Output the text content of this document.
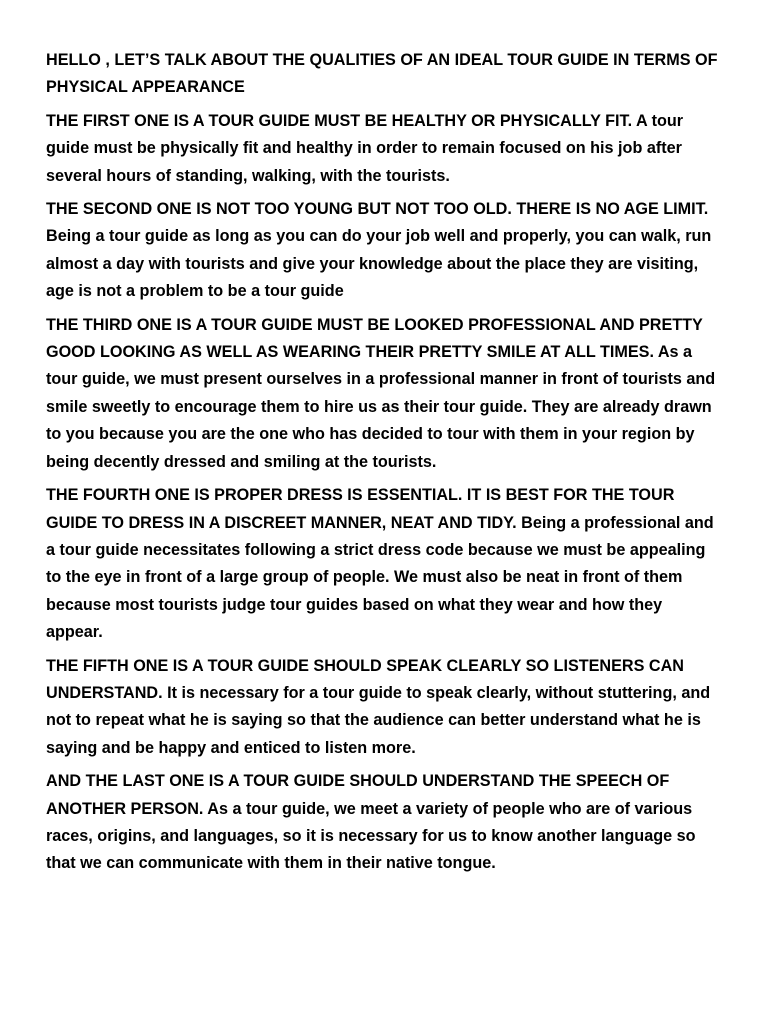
HELLO , LET’S TALK ABOUT THE QUALITIES OF AN IDEAL TOUR GUIDE IN TERMS OF PHYSICAL APPEARANCE

THE FIRST ONE IS A TOUR GUIDE MUST BE HEALTHY OR PHYSICALLY FIT. A tour guide must be physically fit and healthy in order to remain focused on his job after several hours of standing, walking, with the tourists.

THE SECOND ONE IS NOT TOO YOUNG BUT NOT TOO OLD. THERE IS NO AGE LIMIT. Being a tour guide as long as you can do your job well and properly, you can walk, run almost a day with tourists and give your knowledge about the place they are visiting, age is not a problem to be a tour guide

THE THIRD ONE IS A TOUR GUIDE MUST BE LOOKED PROFESSIONAL AND PRETTY GOOD LOOKING AS WELL AS WEARING THEIR PRETTY SMILE AT ALL TIMES. As a tour guide, we must present ourselves in a professional manner in front of tourists and smile sweetly to encourage them to hire us as their tour guide. They are already drawn to you because you are the one who has decided to tour with them in your region by being decently dressed and smiling at the tourists.

THE FOURTH ONE IS PROPER DRESS IS ESSENTIAL. IT IS BEST FOR THE TOUR GUIDE TO DRESS IN A DISCREET MANNER, NEAT AND TIDY. Being a professional and a tour guide necessitates following a strict dress code because we must be appealing to the eye in front of a large group of people. We must also be neat in front of them because most tourists judge tour guides based on what they wear and how they appear.

THE FIFTH ONE IS A TOUR GUIDE SHOULD SPEAK CLEARLY SO LISTENERS CAN UNDERSTAND. It is necessary for a tour guide to speak clearly, without stuttering, and not to repeat what he is saying so that the audience can better understand what he is saying and be happy and enticed to listen more.

AND THE LAST ONE IS A TOUR GUIDE SHOULD UNDERSTAND THE SPEECH OF ANOTHER PERSON. As a tour guide, we meet a variety of people who are of various races, origins, and languages, so it is necessary for us to know another language so that we can communicate with them in their native tongue.
